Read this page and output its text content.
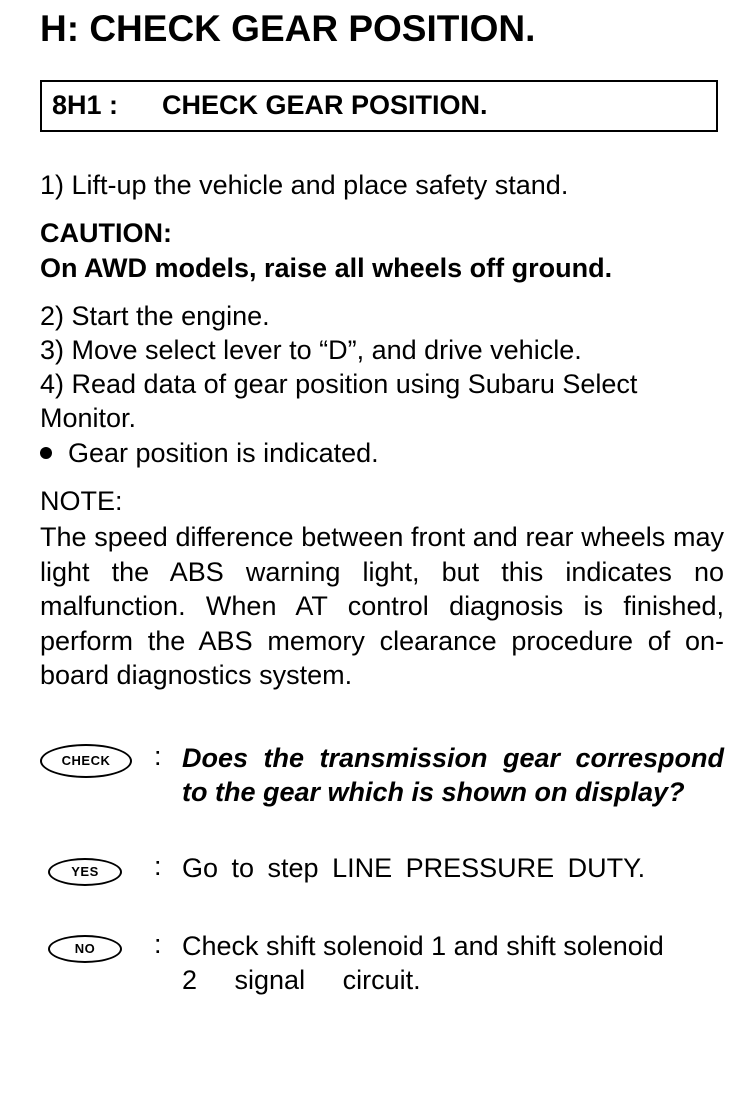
H: CHECK GEAR POSITION.
8H1 : CHECK GEAR POSITION.
1) Lift-up the vehicle and place safety stand.
CAUTION:
On AWD models, raise all wheels off ground.
2) Start the engine.
3) Move select lever to “D”, and drive vehicle.
4) Read data of gear position using Subaru Select
Monitor.
Gear position is indicated.
NOTE:
The speed difference between front and rear wheels may light the ABS warning light, but this indicates no malfunction. When AT control diagnosis is finished, perform the ABS memory clearance procedure of on-board diagnostics system.
CHECK	: Does the transmission gear correspond to the gear which is shown on display?
YES	: Go to step LINE PRESSURE DUTY.
NO	: Check shift solenoid 1 and shift solenoid
2     signal     circuit.
